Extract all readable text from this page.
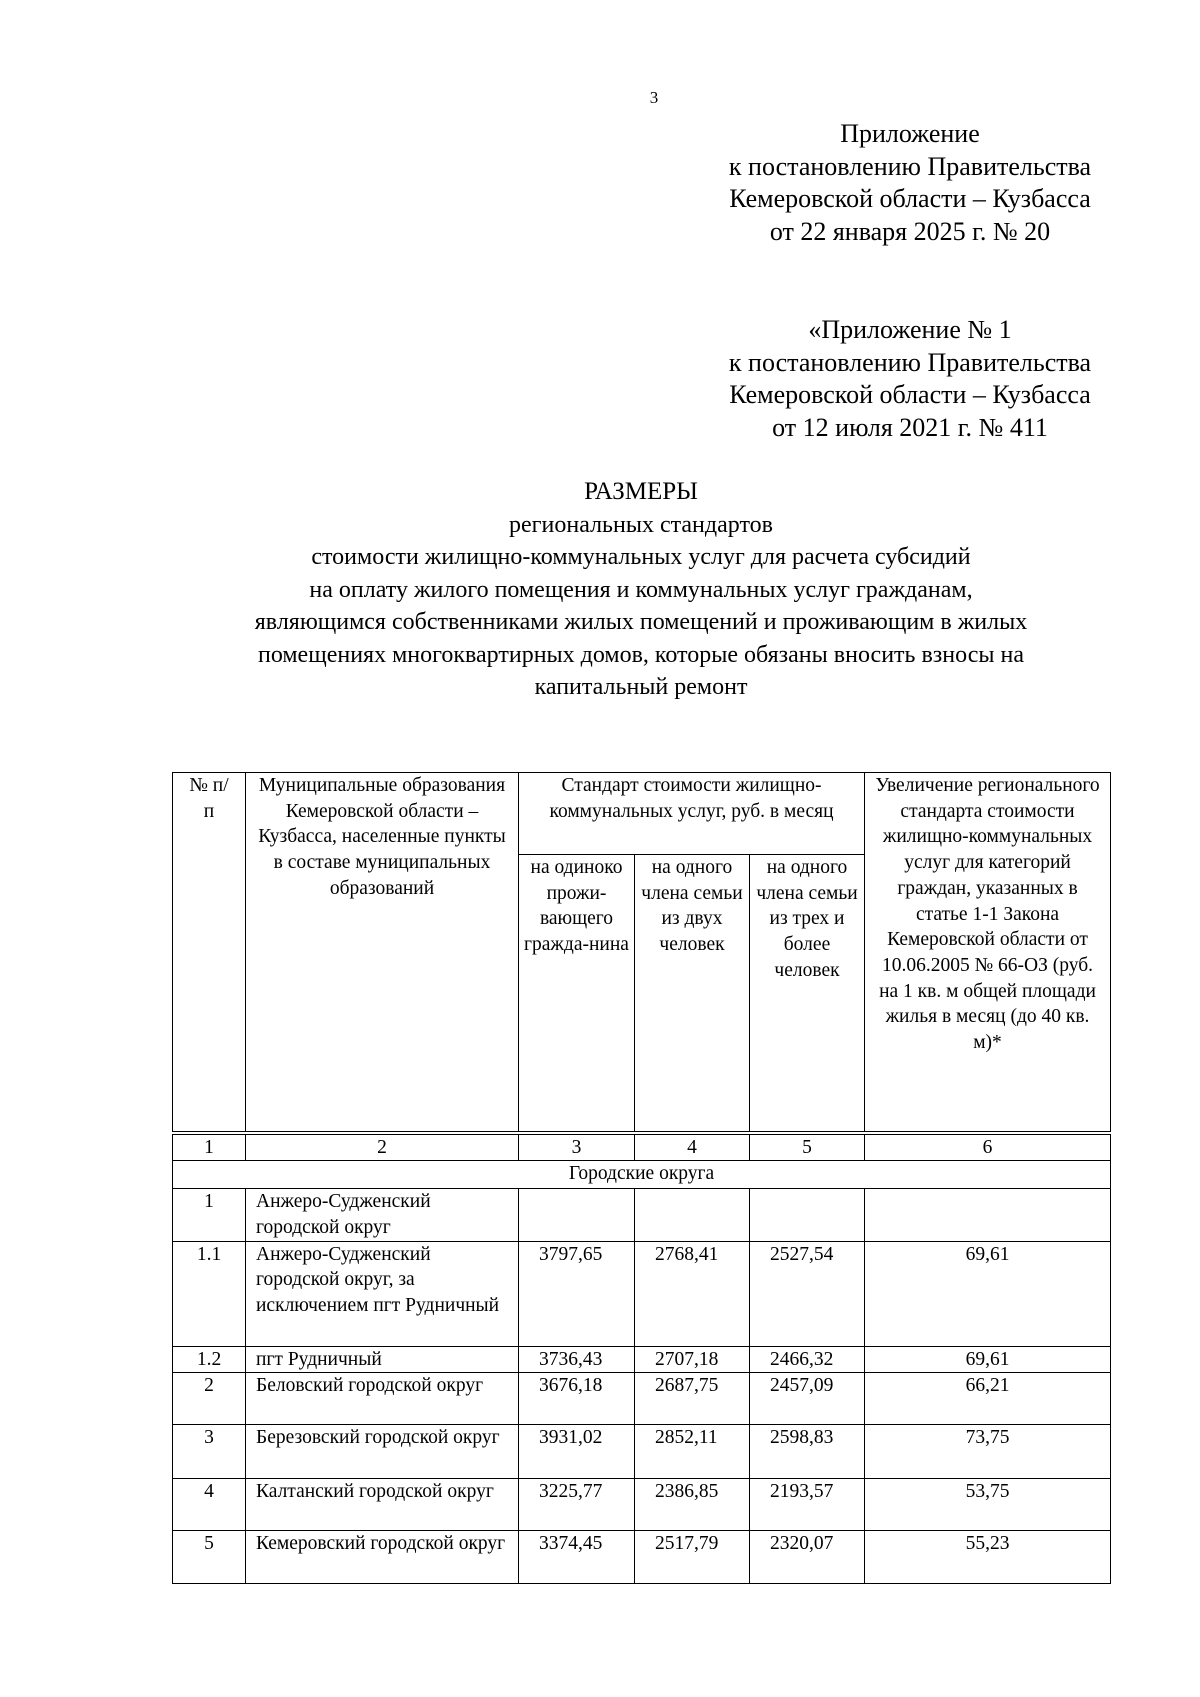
3
Приложение
к постановлению Правительства
Кемеровской области – Кузбасса
от 22 января 2025 г. № 20
«Приложение № 1
к постановлению Правительства
Кемеровской области – Кузбасса
от 12 июля 2021 г. № 411
РАЗМЕРЫ
региональных стандартов
стоимости жилищно-коммунальных услуг для расчета субсидий
на оплату жилого помещения и коммунальных услуг гражданам,
являющимся собственниками жилых помещений и проживающим в жилых
помещениях многоквартирных домов, которые обязаны вносить взносы на
капитальный ремонт
№ п/п	Муниципальные образования Кемеровской области – Кузбасса, населенные пункты в составе муниципальных образований	Стандарт стоимости жилищно-коммунальных услуг, руб. в месяц			Увеличение регионального стандарта стоимости жилищно-коммунальных услуг для категорий граждан, указанных в статье 1-1 Закона Кемеровской области от 10.06.2005 № 66-ОЗ (руб. на 1 кв. м общей площади жилья в месяц (до 40 кв. м)*
		на одиноко прожи-вающего гражда-нина	на одного члена семьи из двух человек	на одного члена семьи из трех и более человек	
1	2	3	4	5	6
Городские округа					
1	Анжеро-Судженский городской округ				
1.1	Анжеро-Судженский городской округ, за исключением пгт Рудничный	3797,65	2768,41	2527,54	69,61
1.2	пгт Рудничный	3736,43	2707,18	2466,32	69,61
2	Беловский городской округ	3676,18	2687,75	2457,09	66,21
3	Березовский городской округ	3931,02	2852,11	2598,83	73,75
4	Калтанский городской округ	3225,77	2386,85	2193,57	53,75
5	Кемеровский городской округ	3374,45	2517,79	2320,07	55,23
